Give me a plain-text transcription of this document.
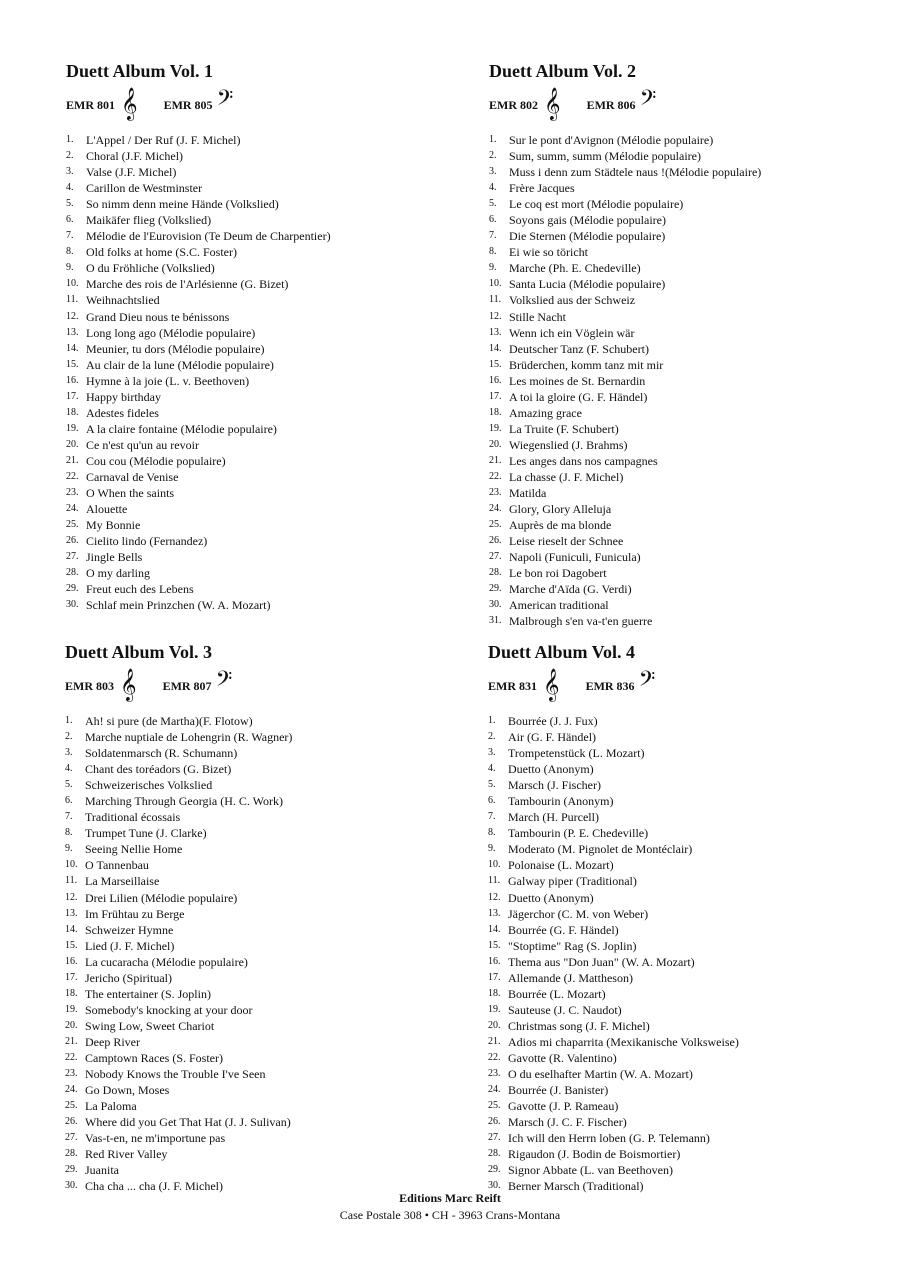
Duett Album Vol. 1
EMR 801 𝄞 EMR 805 𝄢
1.	L'Appel / Der Ruf (J. F. Michel)
2.	Choral (J.F. Michel)
3.	Valse (J.F. Michel)
4.	Carillon de Westminster
5.	So nimm denn meine Hände (Volkslied)
6.	Maikäfer flieg (Volkslied)
7.	Mélodie de l'Eurovision (Te Deum de Charpentier)
8.	Old folks at home (S.C. Foster)
9.	O du Fröhliche (Volkslied)
10. Marche des rois de l'Arlésienne (G. Bizet)
11. Weihnachtslied
12. Grand Dieu nous te bénissons
13. Long long ago (Mélodie populaire)
14. Meunier, tu dors (Mélodie populaire)
15. Au clair de la lune (Mélodie populaire)
16. Hymne à la joie (L. v. Beethoven)
17. Happy birthday
18. Adestes fideles
19. A la claire fontaine (Mélodie populaire)
20. Ce n'est qu'un au revoir
21. Cou cou (Mélodie populaire)
22. Carnaval de Venise
23. O When the saints
24. Alouette
25. My Bonnie
26. Cielito lindo (Fernandez)
27. Jingle Bells
28. O my darling
29. Freut euch des Lebens
30. Schlaf mein Prinzchen (W. A. Mozart)
Duett Album Vol. 2
EMR 802 𝄞 EMR 806 𝄢
1.	Sur le pont d'Avignon (Mélodie populaire)
2.	Sum, summ, summ (Mélodie populaire)
3.	Muss i denn zum Städtele naus !(Mélodie populaire)
4.	Frère Jacques
5.	Le coq est mort (Mélodie populaire)
6.	Soyons gais (Mélodie populaire)
7.	Die Sternen (Mélodie populaire)
8.	Ei wie so töricht
9.	Marche (Ph. E. Chedeville)
10. Santa Lucia (Mélodie populaire)
11. Volkslied aus der Schweiz
12. Stille Nacht
13. Wenn ich ein Vöglein wär
14. Deutscher Tanz (F. Schubert)
15. Brüderchen, komm tanz mit mir
16. Les moines de St. Bernardin
17. A toi la gloire (G. F. Händel)
18. Amazing grace
19. La Truite (F. Schubert)
20. Wiegenslied (J. Brahms)
21. Les anges dans nos campagnes
22. La chasse (J. F. Michel)
23. Matilda
24. Glory, Glory Alleluja
25. Auprès de ma blonde
26. Leise rieselt der Schnee
27. Napoli (Funiculi, Funicula)
28. Le bon roi Dagobert
29. Marche d'Aïda (G. Verdi)
30. American traditional
31. Malbrough s'en va-t'en guerre
Duett Album Vol. 3
EMR 803 𝄞 EMR 807 𝄢
1.	Ah! si pure (de Martha)(F. Flotow)
2.	Marche nuptiale de Lohengrin (R. Wagner)
3.	Soldatenmarsch (R. Schumann)
4.	Chant des toréadors (G. Bizet)
5.	Schweizerisches Volkslied
6.	Marching Through Georgia (H. C. Work)
7.	Traditional écossais
8.	Trumpet Tune (J. Clarke)
9.	Seeing Nellie Home
10. O Tannenbau
11. La Marseillaise
12. Drei Lilien (Mélodie populaire)
13. Im Frühtau zu Berge
14. Schweizer Hymne
15. Lied (J. F. Michel)
16. La cucaracha (Mélodie populaire)
17. Jericho (Spiritual)
18. The entertainer (S. Joplin)
19. Somebody's knocking at your door
20. Swing Low, Sweet Chariot
21. Deep River
22. Camptown Races (S. Foster)
23. Nobody Knows the Trouble I've Seen
24. Go Down, Moses
25. La Paloma
26. Where did you Get That Hat (J. J. Sulivan)
27. Vas-t-en, ne m'importune pas
28. Red River Valley
29. Juanita
30. Cha cha ... cha (J. F. Michel)
Duett Album Vol. 4
EMR 831 𝄞 EMR 836 𝄢
1.	Bourrée (J. J. Fux)
2.	Air (G. F. Händel)
3.	Trompetenstück (L. Mozart)
4.	Duetto (Anonym)
5.	Marsch (J. Fischer)
6.	Tambourin (Anonym)
7.	March (H. Purcell)
8.	Tambourin (P. E. Chedeville)
9.	Moderato (M. Pignolet de Montéclair)
10. Polonaise (L. Mozart)
11. Galway piper (Traditional)
12. Duetto (Anonym)
13. Jägerchor (C. M. von Weber)
14. Bourrée (G. F. Händel)
15. "Stoptime" Rag (S. Joplin)
16. Thema aus "Don Juan" (W. A. Mozart)
17. Allemande (J. Mattheson)
18. Bourrée (L. Mozart)
19. Sauteuse (J. C. Naudot)
20. Christmas song (J. F. Michel)
21. Adios mi chaparrita (Mexikanische Volksweise)
22. Gavotte (R. Valentino)
23. O du eselhafter Martin (W. A. Mozart)
24. Bourrée (J. Banister)
25. Gavotte (J. P. Rameau)
26. Marsch (J. C. F. Fischer)
27. Ich will den Herrn loben (G. P. Telemann)
28. Rigaudon (J. Bodin de Boismortier)
29. Signor Abbate (L. van Beethoven)
30. Berner Marsch (Traditional)
Editions Marc Reift
Case Postale 308 • CH - 3963 Crans-Montana
